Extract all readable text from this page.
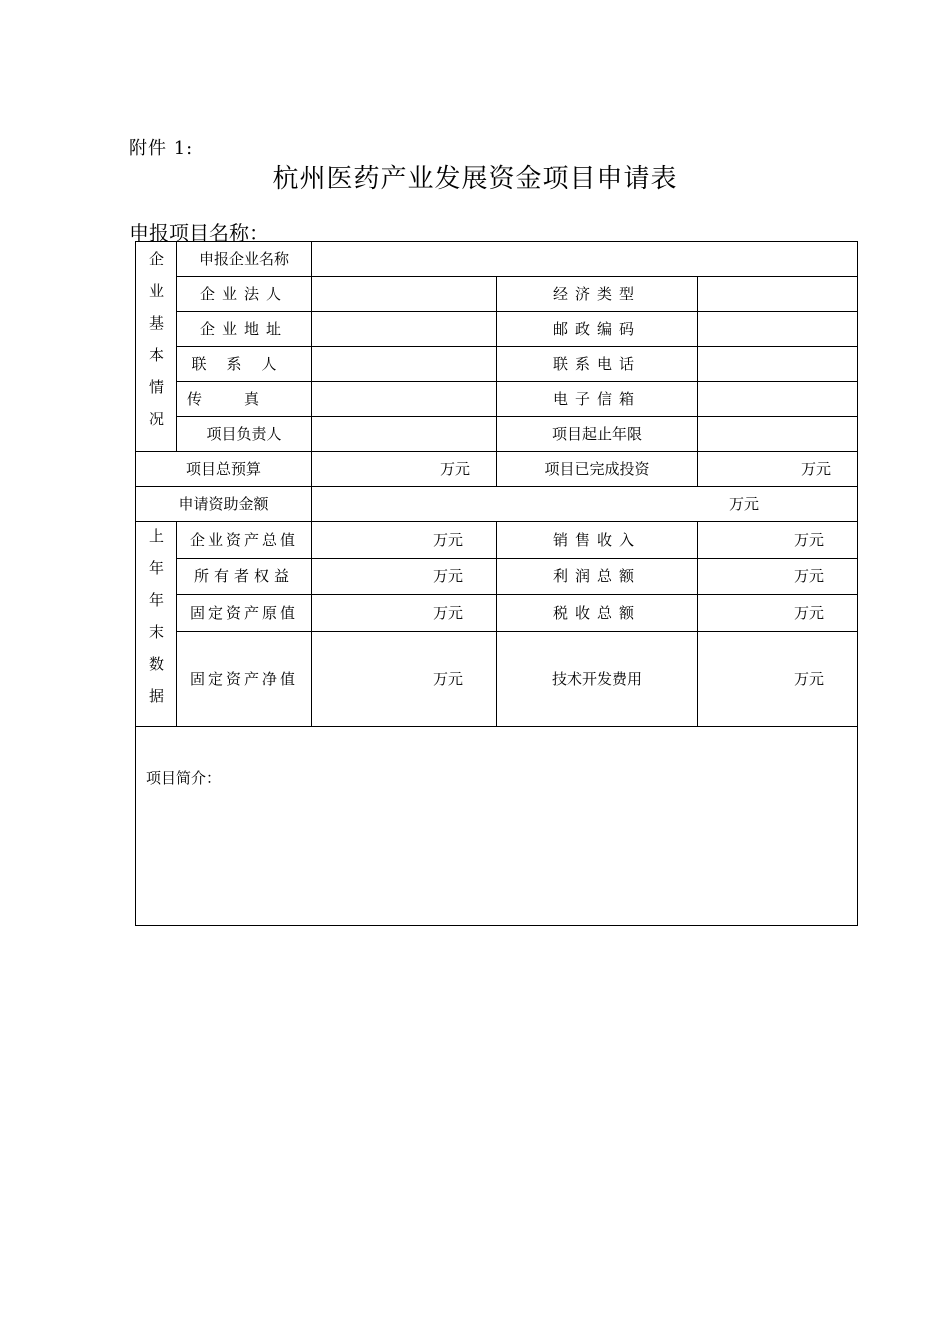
附件 1:
杭州医药产业发展资金项目申请表
申报项目名称：
企业基本情况	申报企业名称			
	企业法人		经济类型	
	企业地址		邮政编码	
	联系人		联系电话	
	传真		电子信箱	
	项目负责人		项目起止年限	
项目总预算		万元	项目已完成投资	万元
申请资助金额		万元		

上年年末数据	企业资产总值	万元	销售收入	万元
	所有者权益	万元	利润总额	万元
	固定资产原值	万元	税收总额	万元
	固定资产净值	万元	技术开发费用	万元

项目简介：				
